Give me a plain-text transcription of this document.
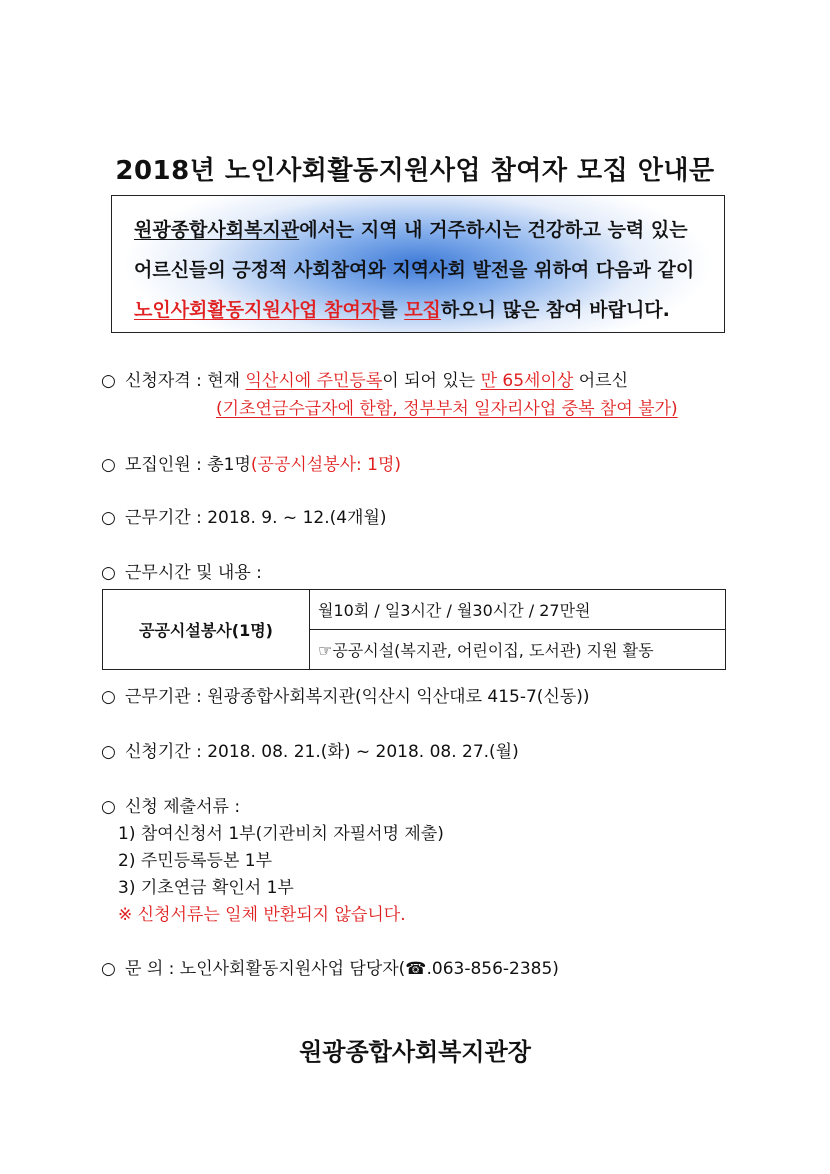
2018년 노인사회활동지원사업 참여자 모집 안내문
원광종합사회복지관에서는 지역 내 거주하시는 건강하고 능력 있는
어르신들의 긍정적 사회참여와 지역사회 발전을 위하여 다음과 같이
노인사회활동지원사업 참여자를 모집하오니 많은 참여 바랍니다.
○ 신청자격 : 현재 익산시에 주민등록이 되어 있는 만 65세이상 어르신
(기초연금수급자에 한함, 정부부처 일자리사업 중복 참여 불가)
○ 모집인원 : 총1명(공공시설봉사: 1명)
○ 근무기간 : 2018. 9. ~ 12.(4개월)
○ 근무시간 및 내용 :
공공시설봉사(1명)	월10회 / 일3시간 / 월30시간 / 27만원
☞공공시설(복지관, 어린이집, 도서관) 지원 활동
○ 근무기관 : 원광종합사회복지관(익산시 익산대로 415-7(신동))
○ 신청기간 : 2018. 08. 21.(화) ~ 2018. 08. 27.(월)
○ 신청 제출서류 :
1) 참여신청서 1부(기관비치 자필서명 제출)
2) 주민등록등본 1부
3) 기초연금 확인서 1부
※ 신청서류는 일체 반환되지 않습니다.
○ 문 의 : 노인사회활동지원사업 담당자(☎.063-856-2385)
원광종합사회복지관장
